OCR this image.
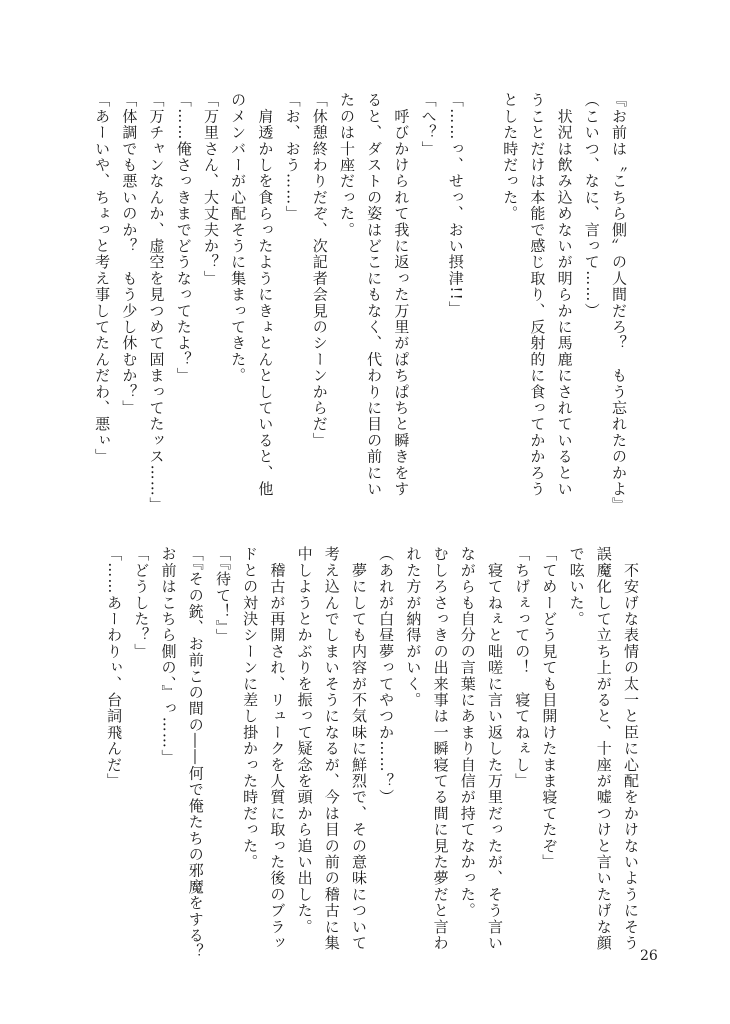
『お前は〝こちら側〟の人間だろ？　もう忘れたのかよ』
（こいつ、なに、言って……）
　状況は飲み込めないが明らかに馬鹿にされているとい
うことだけは本能で感じ取り、反射的に食ってかかろう
とした時だった。
「……っ、せっ、おい摂津!!」
「へ？」
　呼びかけられて我に返った万里がぱちぱちと瞬きをす
ると、ダストの姿はどこにもなく、代わりに目の前にい
たのは十座だった。
「休憩終わりだぞ、次記者会見のシーンからだ」
「お、おう……」
　肩透かしを食らったようにきょとんとしていると、他
のメンバーが心配そうに集まってきた。
「万里さん、大丈夫か？」
「……俺さっきまでどうなってたよ？」
「万チャンなんか、虚空を見つめて固まってたッス……」
「体調でも悪いのか？　もう少し休むか？」
「あーいや、ちょっと考え事してたんだわ、悪ぃ」
　不安げな表情の太一と臣に心配をかけないようにそう
誤魔化して立ち上がると、十座が嘘つけと言いたげな顔
で呟いた。
「てめーどう見ても目開けたまま寝てたぞ」
「ちげぇっての！　寝てねぇし」
　寝てねぇと咄嗟に言い返した万里だったが、そう言い
ながらも自分の言葉にあまり自信が持てなかった。
むしろさっきの出来事は一瞬寝てる間に見た夢だと言わ
れた方が納得がいく。
（あれが白昼夢ってやつか……？）
　夢にしても内容が不気味に鮮烈で、その意味について
考え込んでしまいそうになるが、今は目の前の稽古に集
中しようとかぶりを振って疑念を頭から追い出した。
　稽古が再開され、リュークを人質に取った後のブラッ
ドとの対決シーンに差し掛かった時だった。
「『待て！』」
「『その銃、お前この間の――何で俺たちの邪魔をする？
お前はこちら側の、』っ……」
「どうした？」
「……あーわりぃ、台詞飛んだ」
26
